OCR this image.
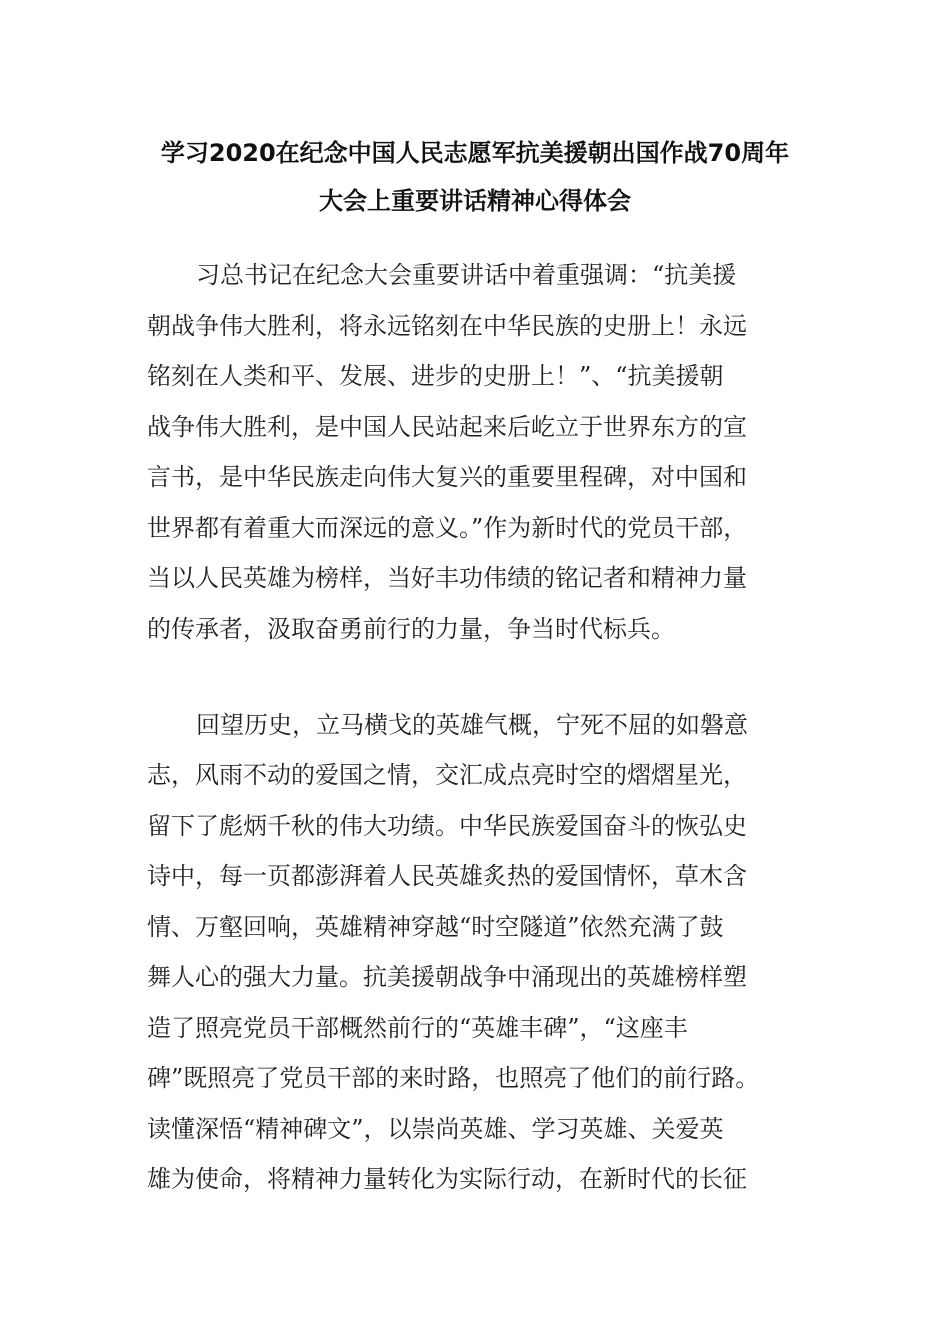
学习2020在纪念中国人民志愿军抗美援朝出国作战70周年
大会上重要讲话精神心得体会

习总书记在纪念大会重要讲话中着重强调：“抗美援

朝战争伟大胜利，将永远铭刻在中华民族的史册上！永远

铭刻在人类和平、发展、进步的史册上！”、“抗美援朝

战争伟大胜利，是中国人民站起来后屹立于世界东方的宣

言书，是中华民族走向伟大复兴的重要里程碑，对中国和

世界都有着重大而深远的意义。”作为新时代的党员干部，

当以人民英雄为榜样，当好丰功伟绩的铭记者和精神力量

的传承者，汲取奋勇前行的力量，争当时代标兵。

回望历史，立马横戈的英雄气概，宁死不屈的如磐意

志，风雨不动的爱国之情，交汇成点亮时空的熠熠星光，

留下了彪炳千秋的伟大功绩。中华民族爱国奋斗的恢弘史

诗中，每一页都澎湃着人民英雄炙热的爱国情怀，草木含

情、万壑回响，英雄精神穿越“时空隧道”依然充满了鼓

舞人心的强大力量。抗美援朝战争中涌现出的英雄榜样塑

造了照亮党员干部概然前行的“英雄丰碑”，“这座丰

碑”既照亮了党员干部的来时路，也照亮了他们的前行路。

读懂深悟“精神碑文”，以崇尚英雄、学习英雄、关爱英

雄为使命，将精神力量转化为实际行动，在新时代的长征
